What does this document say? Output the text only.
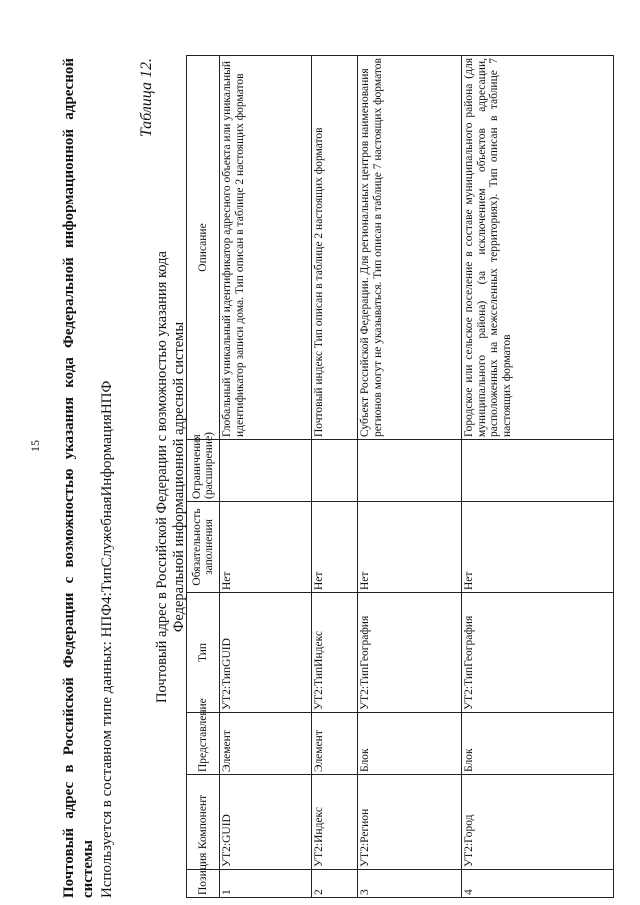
15 Почтовый адрес в Российской Федерации с возможностью указания кода Федеральной информационной адресной системы Используется в составном типе данных: НПФ4:ТипСлужебнаяИнформацияНПФ
Таблица 12.
Почтовый адрес в Российской Федерации с возможностью указания кода Федеральной информационной адресной системы
Позиция	Компонент	Представление	Тип	Обязательность заполнения	Ограничения (расширение)	Описание
1	УТ2:GUID	Элемент	УТ2:ТипGUID	Нет		Глобальный уникальный идентификатор адресного объекта или уникальный идентификатор записи дома. Тип описан в таблице 2 настоящих форматов
2	УТ2:Индекс	Элемент	УТ2:ТипИндекс	Нет		Почтовый индекс Тип описан в таблице 2 настоящих форматов
3	УТ2:Регион	Блок	УТ2:ТипГеография	Нет		Субъект Российской Федерации. Для региональных центров наименования регионов могут не указываться. Тип описан в таблице 7 настоящих форматов
4	УТ2:Город	Блок	УТ2:ТипГеография	Нет		Городское или сельское поселение в составе муниципального района (для муниципального района) (за исключением объектов адресации, расположенных на межселенных территориях). Тип описан в таблице 7 настоящих форматов
